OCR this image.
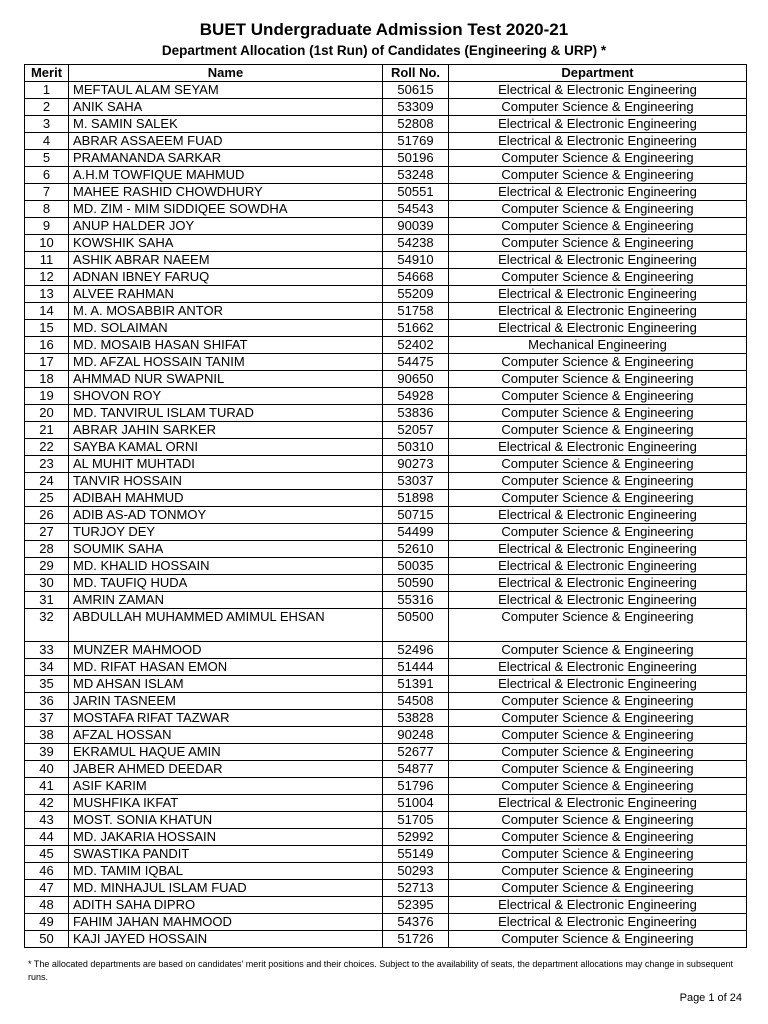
BUET Undergraduate Admission Test 2020-21
Department Allocation (1st Run) of Candidates (Engineering & URP) *
Merit	Name	Roll No.	Department
1	MEFTAUL ALAM SEYAM	50615	Electrical & Electronic Engineering
2	ANIK SAHA	53309	Computer Science & Engineering
3	M. SAMIN SALEK	52808	Electrical & Electronic Engineering
4	ABRAR ASSAEEM FUAD	51769	Electrical & Electronic Engineering
5	PRAMANANDA SARKAR	50196	Computer Science & Engineering
6	A.H.M TOWFIQUE MAHMUD	53248	Computer Science & Engineering
7	MAHEE RASHID CHOWDHURY	50551	Electrical & Electronic Engineering
8	MD. ZIM - MIM SIDDIQEE SOWDHA	54543	Computer Science & Engineering
9	ANUP HALDER JOY	90039	Computer Science & Engineering
10	KOWSHIK SAHA	54238	Computer Science & Engineering
11	ASHIK ABRAR NAEEM	54910	Electrical & Electronic Engineering
12	ADNAN IBNEY FARUQ	54668	Computer Science & Engineering
13	ALVEE RAHMAN	55209	Electrical & Electronic Engineering
14	M. A. MOSABBIR ANTOR	51758	Electrical & Electronic Engineering
15	MD. SOLAIMAN	51662	Electrical & Electronic Engineering
16	MD. MOSAIB HASAN SHIFAT	52402	Mechanical Engineering
17	MD. AFZAL HOSSAIN TANIM	54475	Computer Science & Engineering
18	AHMMAD NUR SWAPNIL	90650	Computer Science & Engineering
19	SHOVON ROY	54928	Computer Science & Engineering
20	MD. TANVIRUL ISLAM TURAD	53836	Computer Science & Engineering
21	ABRAR JAHIN SARKER	52057	Computer Science & Engineering
22	SAYBA KAMAL ORNI	50310	Electrical & Electronic Engineering
23	AL MUHIT MUHTADI	90273	Computer Science & Engineering
24	TANVIR HOSSAIN	53037	Computer Science & Engineering
25	ADIBAH MAHMUD	51898	Computer Science & Engineering
26	ADIB AS-AD TONMOY	50715	Electrical & Electronic Engineering
27	TURJOY DEY	54499	Computer Science & Engineering
28	SOUMIK SAHA	52610	Electrical & Electronic Engineering
29	MD. KHALID HOSSAIN	50035	Electrical & Electronic Engineering
30	MD. TAUFIQ HUDA	50590	Electrical & Electronic Engineering
31	AMRIN ZAMAN	55316	Electrical & Electronic Engineering
32	ABDULLAH MUHAMMED AMIMUL EHSAN	50500	Computer Science & Engineering
33	MUNZER MAHMOOD	52496	Computer Science & Engineering
34	MD. RIFAT HASAN EMON	51444	Electrical & Electronic Engineering
35	MD AHSAN ISLAM	51391	Electrical & Electronic Engineering
36	JARIN TASNEEM	54508	Computer Science & Engineering
37	MOSTAFA RIFAT TAZWAR	53828	Computer Science & Engineering
38	AFZAL HOSSAN	90248	Computer Science & Engineering
39	EKRAMUL HAQUE AMIN	52677	Computer Science & Engineering
40	JABER AHMED DEEDAR	54877	Computer Science & Engineering
41	ASIF KARIM	51796	Computer Science & Engineering
42	MUSHFIKA IKFAT	51004	Electrical & Electronic Engineering
43	MOST. SONIA KHATUN	51705	Computer Science & Engineering
44	MD. JAKARIA HOSSAIN	52992	Computer Science & Engineering
45	SWASTIKA PANDIT	55149	Computer Science & Engineering
46	MD. TAMIM IQBAL	50293	Computer Science & Engineering
47	MD. MINHAJUL ISLAM FUAD	52713	Computer Science & Engineering
48	ADITH SAHA DIPRO	52395	Electrical & Electronic Engineering
49	FAHIM JAHAN MAHMOOD	54376	Electrical & Electronic Engineering
50	KAJI JAYED HOSSAIN	51726	Computer Science & Engineering
* The allocated departments are based on candidates' merit positions and their choices. Subject to the availability of seats, the department allocations may change in subsequent runs.
Page 1 of 24
